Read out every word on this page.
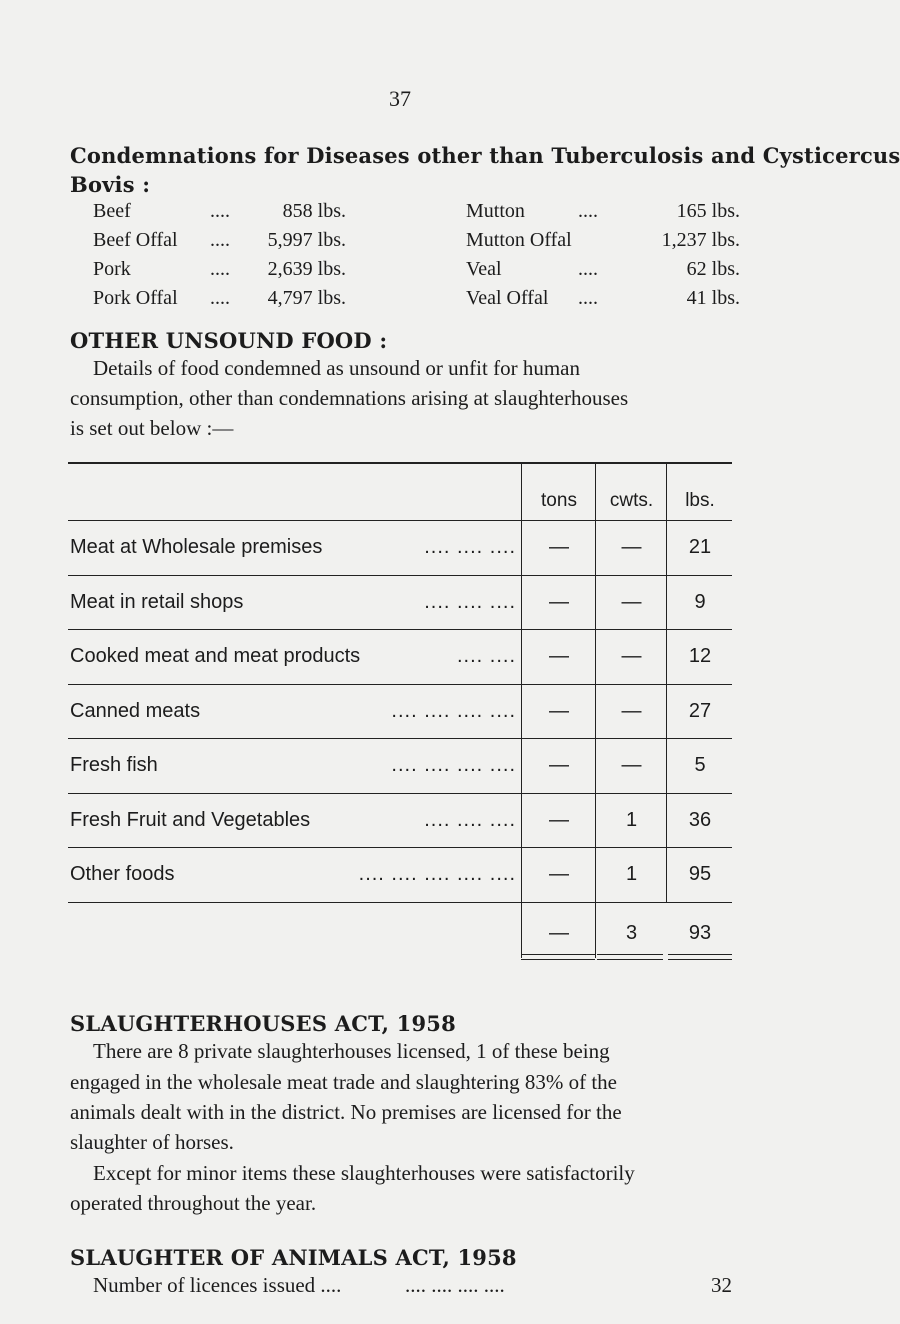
37
Condemnations for Diseases other than Tuberculosis and Cysticercus
Bovis :
Beef	....	858 lbs.	Mutton	....	165 lbs.
Beef Offal .... 5,997 lbs.	Mutton Offal	1,237 lbs.
Pork	.... 2,639 lbs.	Veal	....	62 lbs.
Pork Offal .... 4,797 lbs.	Veal Offal ....	41 lbs.
OTHER UNSOUND FOOD :
Details of food condemned as unsound or unfit for human
consumption, other than condemnations arising at slaughterhouses
is set out below :—
tons	cwts.	lbs.
Meat at Wholesale premises	.... .... ....	—	—	21
Meat in retail shops	.... .... ....	—	—	9
Cooked meat and meat products	.... ....	—	—	12
Canned meats	.... .... .... ....	—	—	27
Fresh fish	.... .... .... ....	—	—	5
Fresh Fruit and Vegetables	.... .... ....	—	1	36
Other foods	.... .... .... .... ....	—	1	95
—	3	93
SLAUGHTERHOUSES ACT, 1958
There are 8 private slaughterhouses licensed, 1 of these being
engaged in the wholesale meat trade and slaughtering 83% of the
animals dealt with in the district. No premises are licensed for the
slaughter of horses.
Except for minor items these slaughterhouses were satisfactorily
operated throughout the year.
SLAUGHTER OF ANIMALS ACT, 1958
Number of licences issued ....	.... .... .... ....	32
